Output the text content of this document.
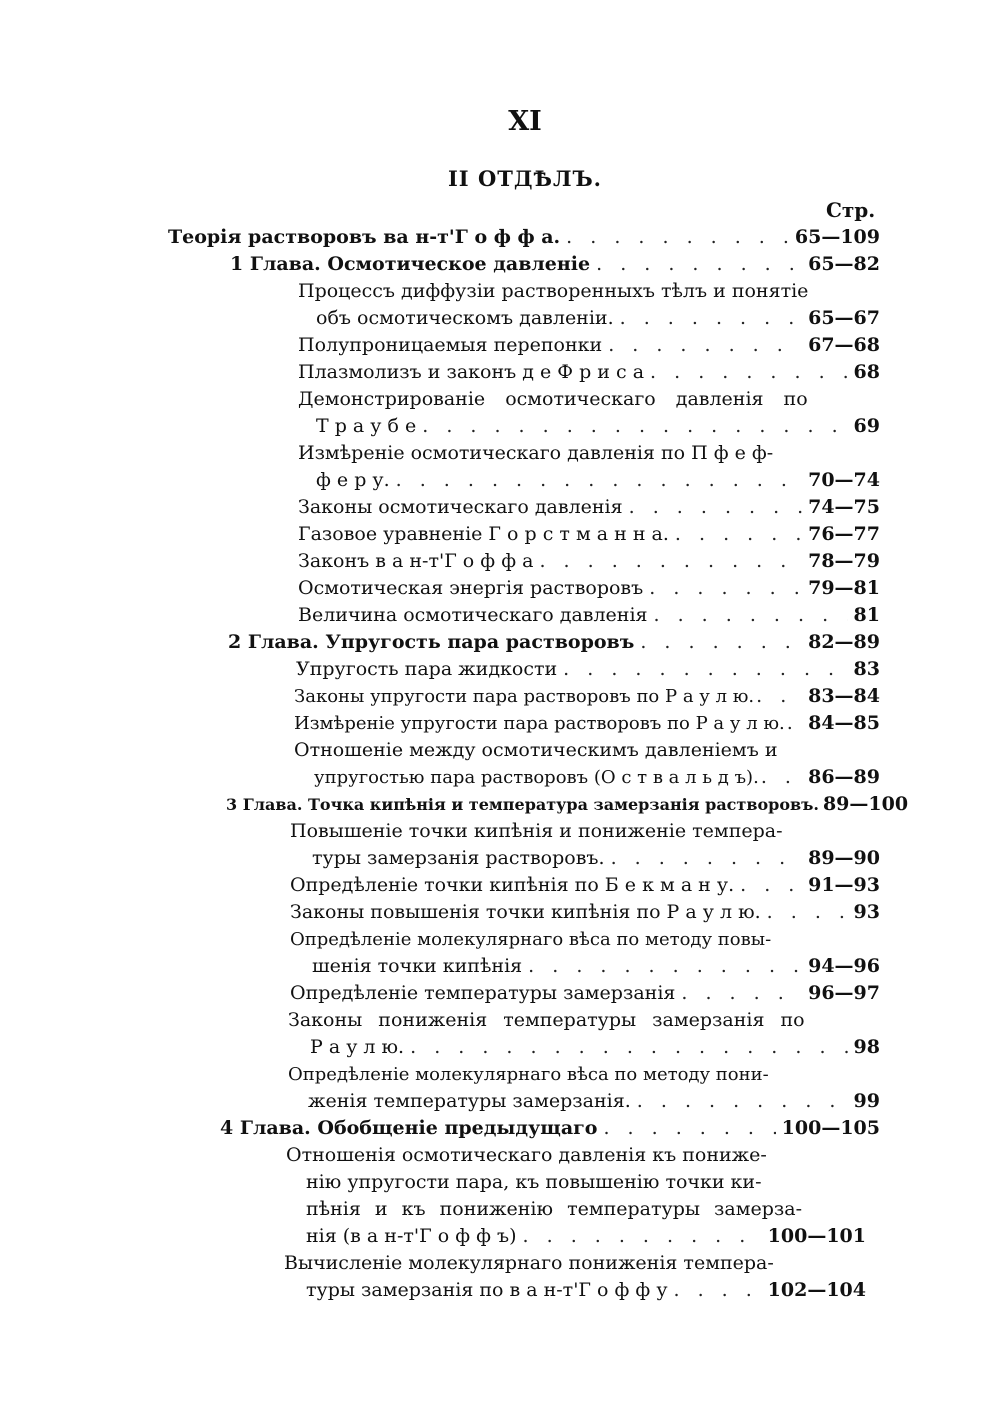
XI
II ОТДѢЛЪ.
Стр.
Теорія растворовъ ва н-т'Г о ф ф а. . . .	65—109
1 Глава. Осмотическое давленіе . . .	65—82
Процессъ диффузіи растворенныхъ тѣлъ и понятіе
объ осмотическомъ давленіи. . . .	65—67
Полупроницаемыя перепонки . . .	67—68
Плазмолизъ и законъ д е Ф р и с а . . .	68
Демонстрированіе осмотическаго давленія по
Т р а у б е . . .	69
Измѣреніе осмотическаго давленія по П ф е ф-
ф е р у. . . .	70—74
Законы осмотическаго давленія . . .	74—75
Газовое уравненіе Г о р с т м а н н а. . . .	76—77
Законъ в а н-т'Г о ф ф а . . .	78—79
Осмотическая энергія растворовъ . . .	79—81
Величина осмотическаго давленія . . .	81
2 Глава. Упругость пара растворовъ . . .	82—89
Упругость пара жидкости . . .	83
Законы упругости пара растворовъ по Р а у л ю. . . .	83—84
Измѣреніе упругости пара растворовъ по Р а у л ю. . . . 84—85
Отношеніе между осмотическимъ давленіемъ и
упругостью пара растворовъ (О с т в а л ь д ъ). . . .	86—89
3 Глава. Точка кипѣнія и температура замерзанія растворовъ. 89—100
Повышеніе точки кипѣнія и пониженіе темпера-
туры замерзанія растворовъ. . . .	89—90
Опредѣленіе точки кипѣнія по Б е к м а н у. . . .	91—93
Законы повышенія точки кипѣнія по Р а у л ю. . . .	93
Опредѣленіе молекулярнаго вѣса по методу повы-
шенія точки кипѣнія . . .	94—96
Опредѣленіе температуры замерзанія . . .	96—97
Законы пониженія температуры замерзанія по
Р а у л ю. . . .	98
Опредѣленіе молекулярнаго вѣса по методу пони-
женія температуры замерзанія. . . .	99
4 Глава. Обобщеніе предыдущаго . . .	100—105
Отношенія осмотическаго давленія къ пониже-
нію упругости пара, къ повышенію точки ки-
пѣнія и къ пониженію температуры замерза-
нія (в а н-т'Г о ф ф ъ) . . .	100—101
Вычисленіе молекулярнаго пониженія темпера-
туры замерзанія по в а н-т'Г о ф ф у . . .	102—104
